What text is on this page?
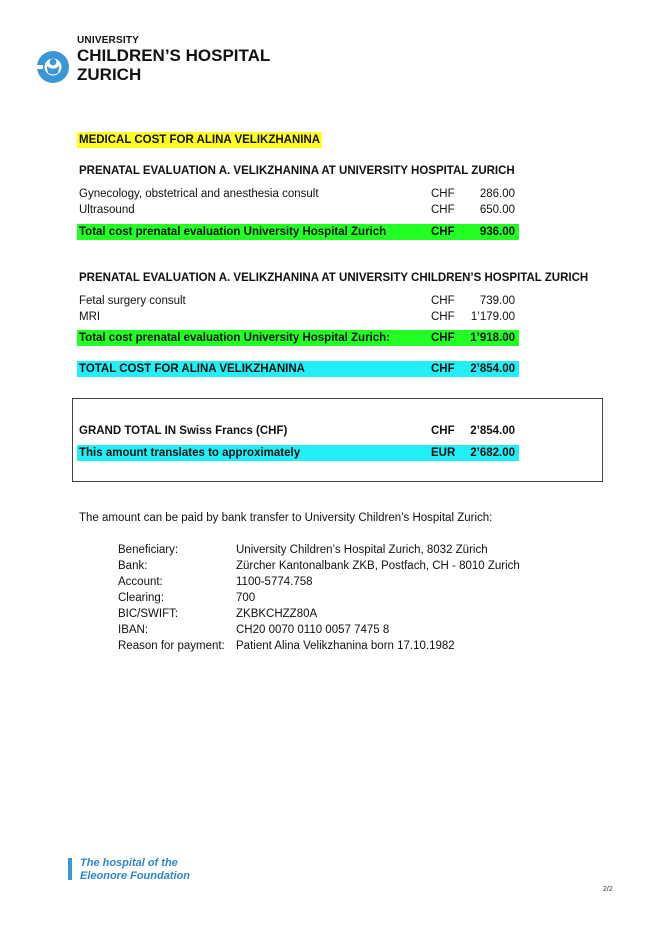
UNIVERSITY
CHILDREN’S HOSPITAL
ZURICH
MEDICAL COST FOR ALINA VELIKZHANINA
PRENATAL EVALUATION A. VELIKZHANINA AT UNIVERSITY HOSPITAL ZURICH
Gynecology, obstetrical and anesthesia consult	CHF 286.00
Ultrasound	CHF 650.00
Total cost prenatal evaluation University Hospital Zurich	CHF 936.00
PRENATAL EVALUATION A. VELIKZHANINA AT UNIVERSITY CHILDREN’S HOSPITAL ZURICH
Fetal surgery consult	CHF 739.00
MRI	CHF 1’179.00
Total cost prenatal evaluation University Hospital Zurich:	CHF 1’918.00
TOTAL COST FOR ALINA VELIKZHANINA	CHF 2’854.00
GRAND TOTAL IN Swiss Francs (CHF)	CHF 2’854.00
This amount translates to approximately	EUR 2’682.00
The amount can be paid by bank transfer to University Children’s Hospital Zurich:
Beneficiary:	University Children’s Hospital Zurich, 8032 Zürich
Bank:	Zürcher Kantonalbank ZKB, Postfach, CH - 8010 Zurich
Account:	1100-5774.758
Clearing:	700
BIC/SWIFT:	ZKBKCHZZ80A
IBAN:	CH20 0070 0110 0057 7475 8
Reason for payment: Patient Alina Velikzhanina born 17.10.1982
The hospital of the
Eleonore Foundation
2/2
